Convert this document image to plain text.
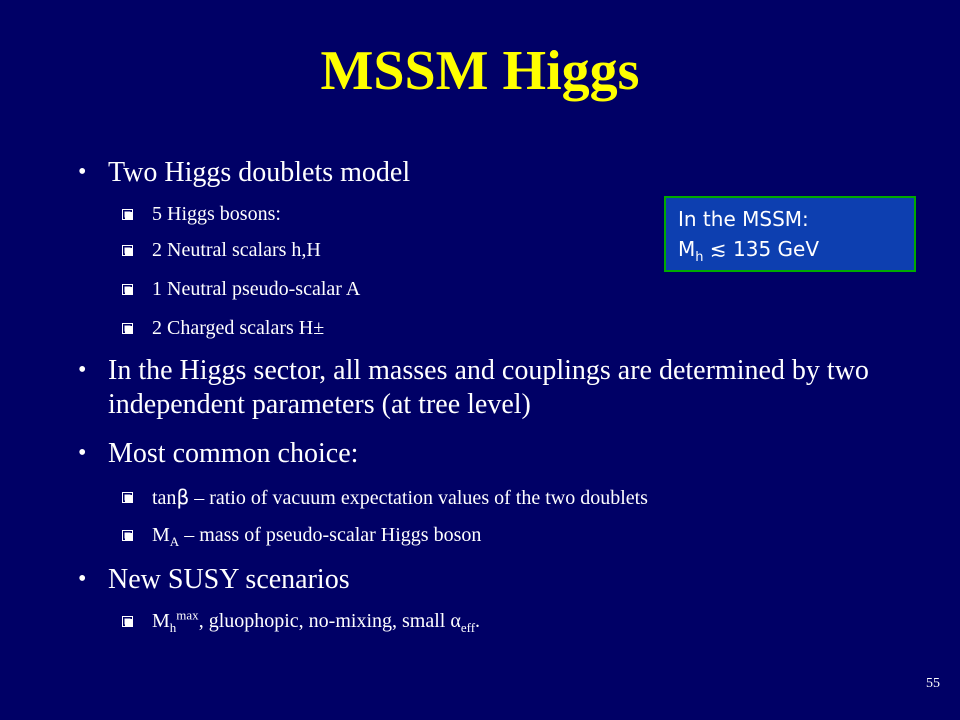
MSSM Higgs
• Two Higgs doublets model
5 Higgs bosons:
2 Neutral scalars h,H
1 Neutral pseudo-scalar A
2 Charged scalars H±
• In the Higgs sector, all masses and couplings are determined by two independent parameters (at tree level)
• Most common choice:
tanβ – ratio of vacuum expectation values of the two doublets
$M_A$ – mass of pseudo-scalar Higgs boson
• New SUSY scenarios
$M_h^{max}$, gluophopic, no-mixing, small $\alpha_{eff}$.
In the MSSM:
$M_h$ ≲ 135 GeV
55
